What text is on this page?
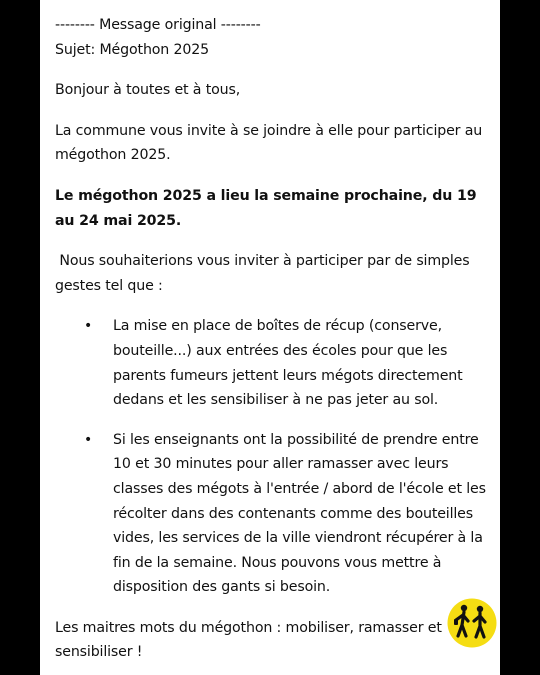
-------- Message original --------

Sujet: Mégothon 2025

Bonjour à toutes et à tous,

La commune vous invite à se joindre à elle pour participer au mégothon 2025.

Le mégothon 2025 a lieu la semaine prochaine, du 19 au 24 mai 2025.

Nous souhaiterions vous inviter à participer par de simples gestes tel que :

• La mise en place de boîtes de récup (conserve, bouteille...) aux entrées des écoles pour que les parents fumeurs jettent leurs mégots directement dedans et les sensibiliser à ne pas jeter au sol.
• Si les enseignants ont la possibilité de prendre entre 10 et 30 minutes pour aller ramasser avec leurs classes des mégots à l'entrée / abord de l'école et les récolter dans des contenants comme des bouteilles vides, les services de la ville viendront récupérer à la fin de la semaine. Nous pouvons vous mettre à disposition des gants si besoin.

Les maitres mots du mégothon : mobiliser, ramasser et sensibiliser !
